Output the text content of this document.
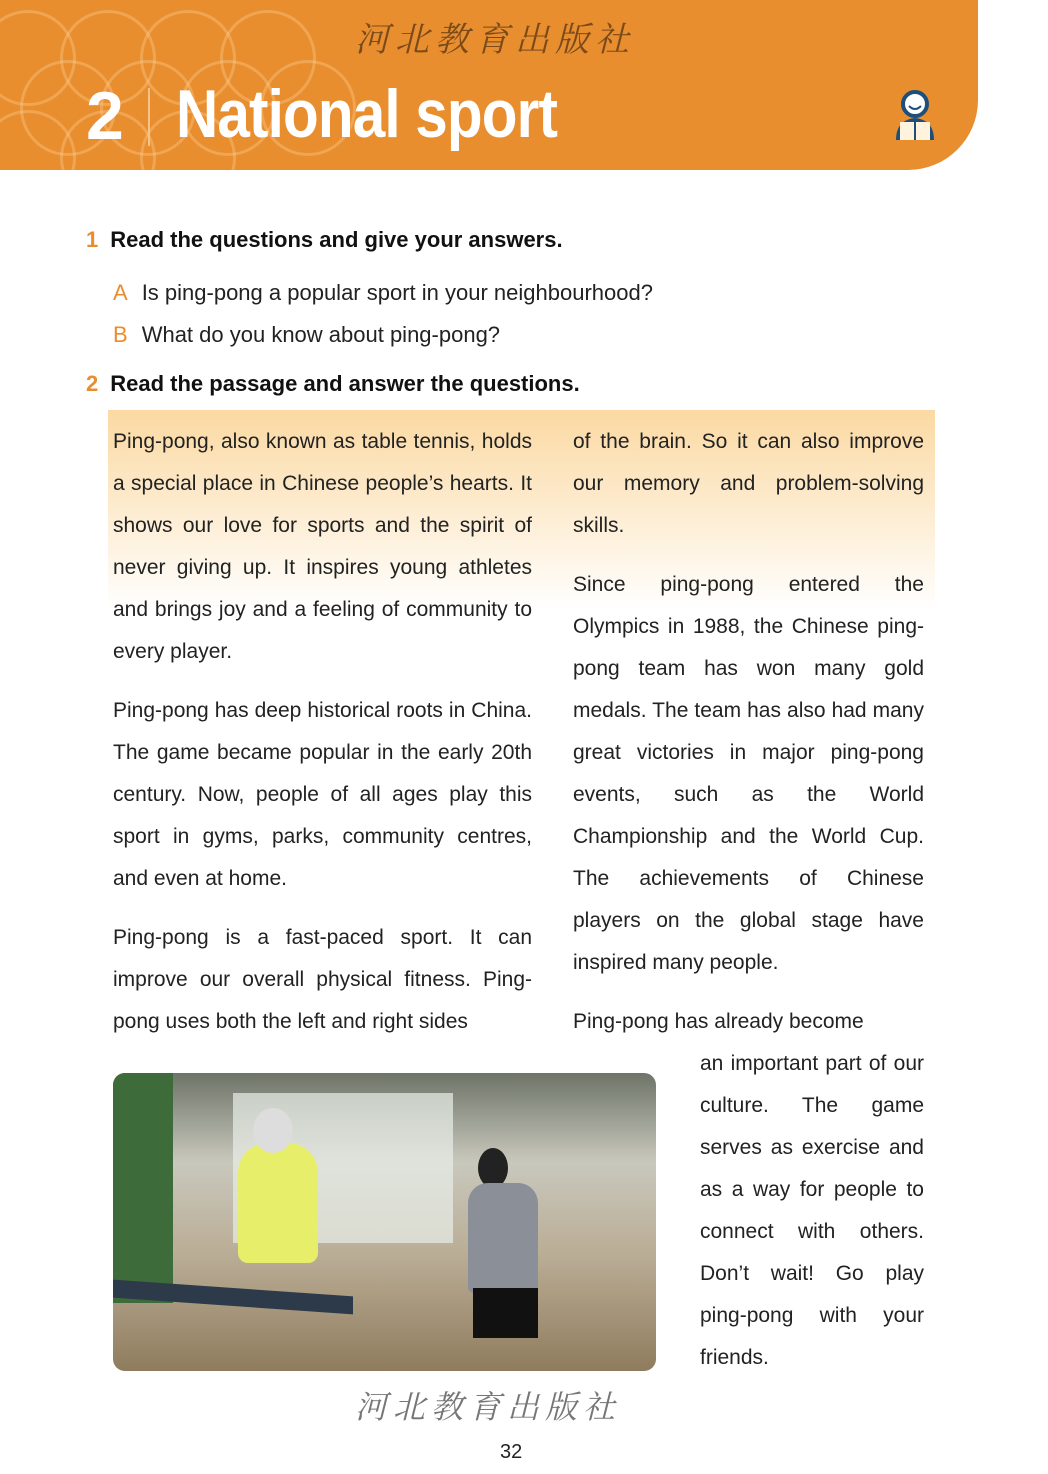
河北教育出版社
2 National sport
1 Read the questions and give your answers.
A Is ping-pong a popular sport in your neighbourhood?
B What do you know about ping-pong?
2 Read the passage and answer the questions.
Ping-pong, also known as table tennis, holds a special place in Chinese people’s hearts. It shows our love for sports and the spirit of never giving up. It inspires young athletes and brings joy and a feeling of community to every player.
Ping-pong has deep historical roots in China. The game became popular in the early 20th century. Now, people of all ages play this sport in gyms, parks, community centres, and even at home.
Ping-pong is a fast-paced sport. It can improve our overall physical fitness. Ping-pong uses both the left and right sides
of the brain. So it can also improve our memory and problem-solving skills.
Since ping-pong entered the Olympics in 1988, the Chinese ping-pong team has won many gold medals. The team has also had many great victories in major ping-pong events, such as the World Championship and the World Cup. The achievements of Chinese players on the global stage have inspired many people.
Ping-pong has already become
an important part of our culture. The game serves as exercise and as a way for people to connect with others. Don’t wait! Go play ping-pong with your friends.
河北教育出版社
32
